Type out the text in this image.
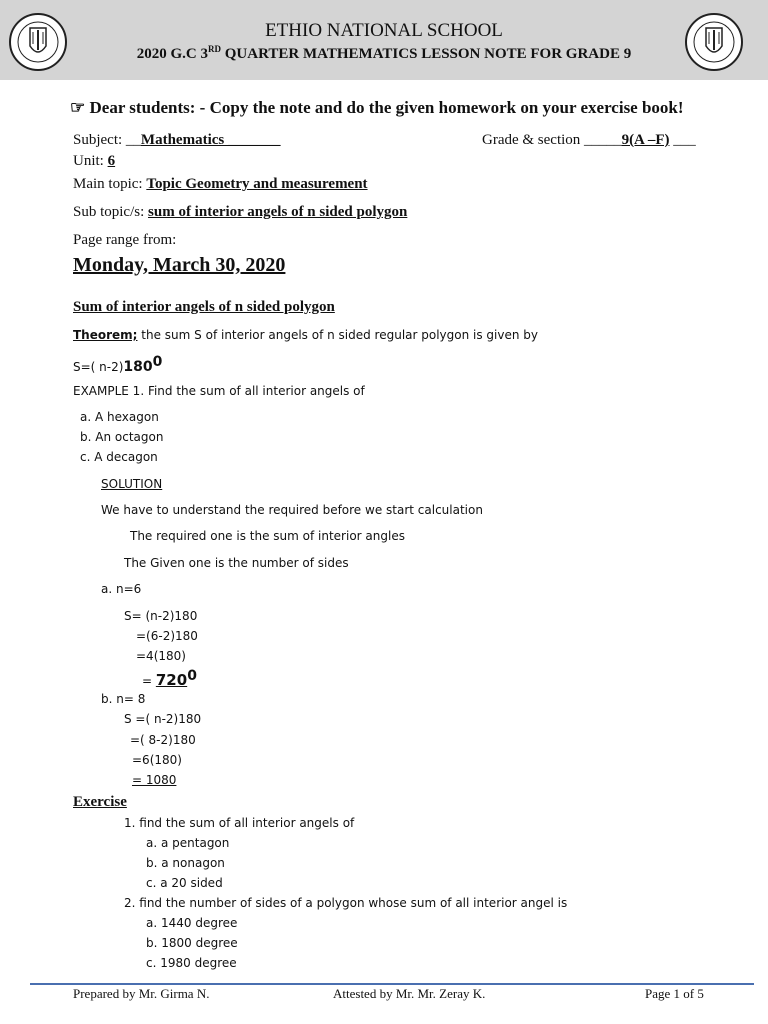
ETHIO NATIONAL SCHOOL
2020 G.C 3RD QUARTER MATHEMATICS LESSON NOTE FOR GRADE 9
☞ Dear students: - Copy the note and do the given homework on your exercise book!
Subject: __Mathematics _______	Grade & section _____9(A –F) ___
Unit: 6
Main topic: Topic Geometry and measurement
Sub topic/s: sum of interior angels of n sided polygon
Page range from:
Monday, March 30, 2020
Sum of interior angels of n sided polygon
Theorem; the sum S of interior angels of n sided regular polygon is given by
S=( $n-2)180^0$
EXAMPLE 1. Find the sum of all interior angels of
a. A hexagon
b. An octagon
c. A decagon
SOLUTION
We have to understand the required before we start calculation
The required one is the sum of interior angles
The Given one is the number of sides
a. n=6
S= (n-2)180
=(6-2)180
=4(180)
= $720^0$
b. n= 8
S =( n-2)180
=( 8-2)180
=6(180)
= 1080
Exercise
1. find the sum of all interior angels of
a. a pentagon
b. a nonagon
c. a 20 sided
2. find the number of sides of a polygon whose sum of all interior angel is
a. 1440 degree
b. 1800 degree
c. 1980 degree
Prepared by Mr. Girma N.	Attested by Mr. Mr. Zeray K.	Page 1 of 5
